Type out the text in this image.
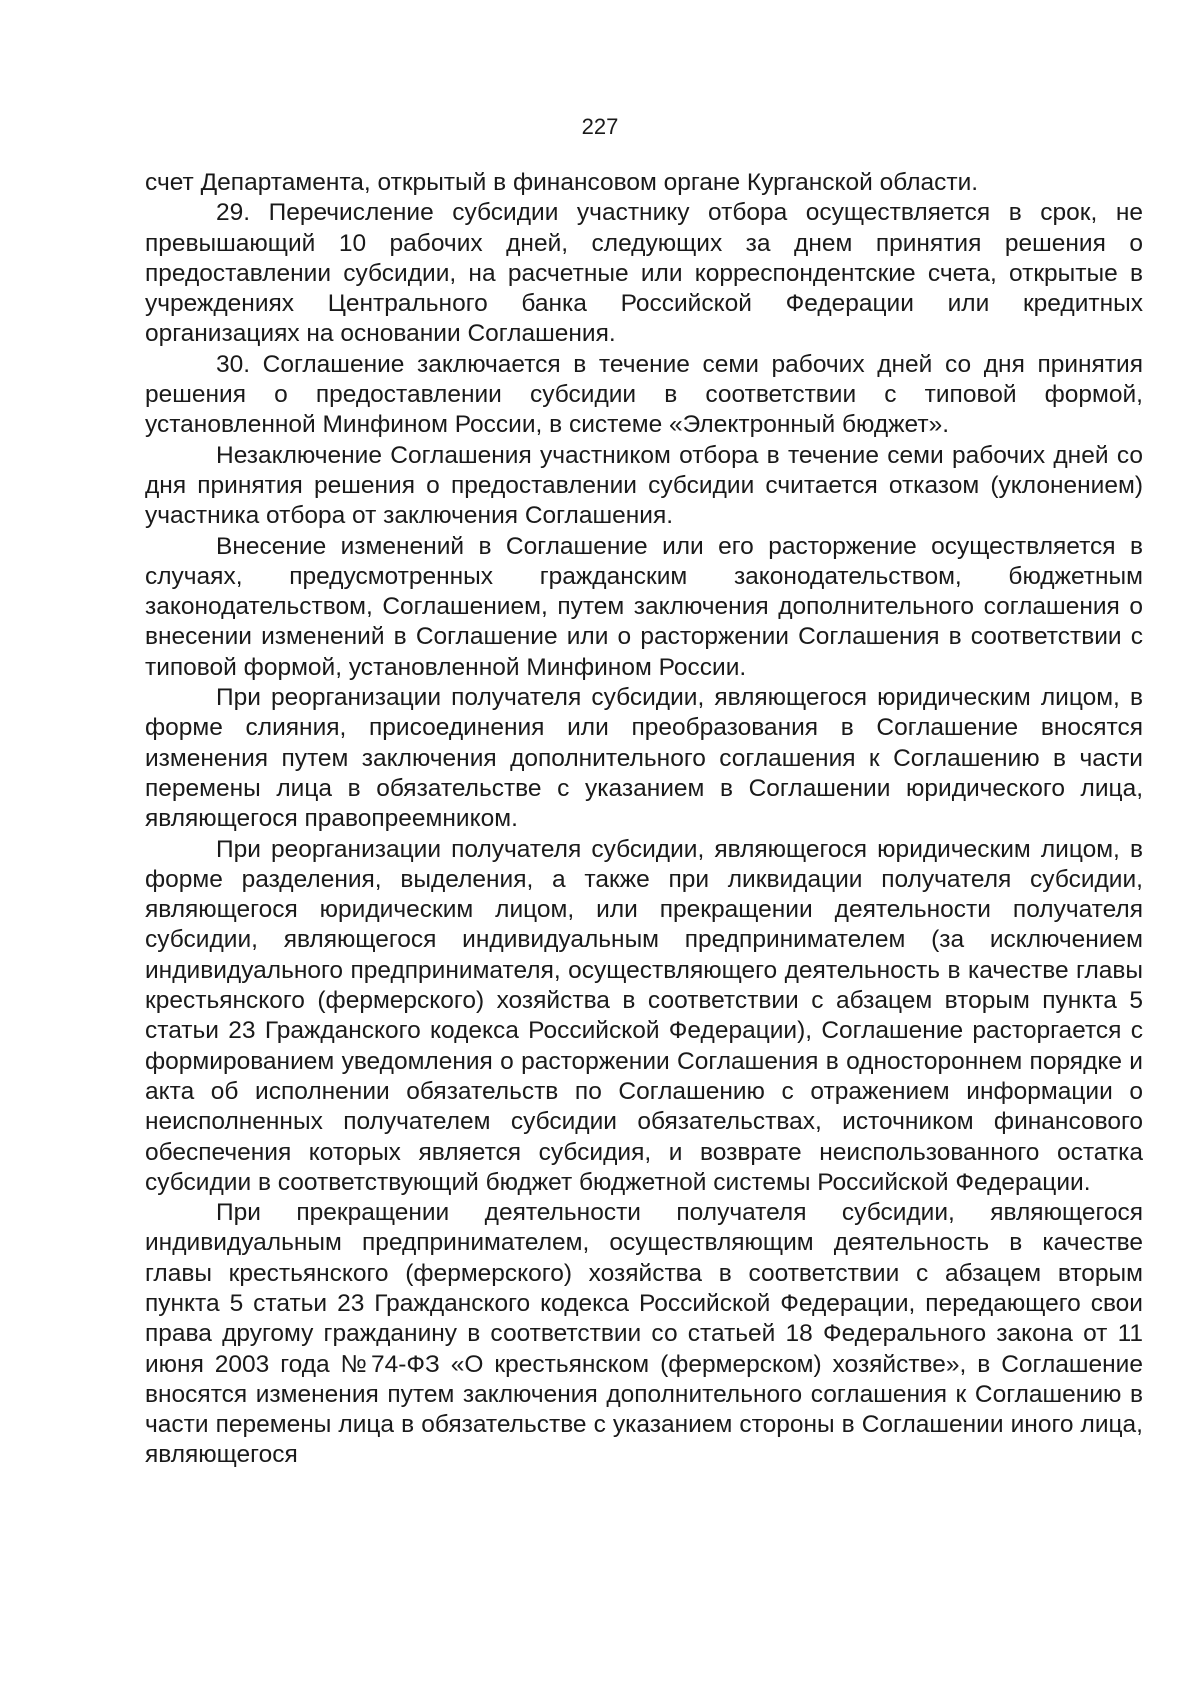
227

счет Департамента, открытый в финансовом органе Курганской области.

29. Перечисление субсидии участнику отбора осуществляется в срок, не превышающий 10 рабочих дней, следующих за днем принятия решения о предоставлении субсидии, на расчетные или корреспондентские счета, открытые в учреждениях Центрального банка Российской Федерации или кредитных организациях на основании Соглашения.

30. Соглашение заключается в течение семи рабочих дней со дня принятия решения о предоставлении субсидии в соответствии с типовой формой, установленной Минфином России, в системе «Электронный бюджет».

Незаключение Соглашения участником отбора в течение семи рабочих дней со дня принятия решения о предоставлении субсидии считается отказом (уклонением) участника отбора от заключения Соглашения.

Внесение изменений в Соглашение или его расторжение осуществляется в случаях, предусмотренных гражданским законодательством, бюджетным законодательством, Соглашением, путем заключения дополнительного соглашения о внесении изменений в Соглашение или о расторжении Соглашения в соответствии с типовой формой, установленной Минфином России.

При реорганизации получателя субсидии, являющегося юридическим лицом, в форме слияния, присоединения или преобразования в Соглашение вносятся изменения путем заключения дополнительного соглашения к Соглашению в части перемены лица в обязательстве с указанием в Соглашении юридического лица, являющегося правопреемником.

При реорганизации получателя субсидии, являющегося юридическим лицом, в форме разделения, выделения, а также при ликвидации получателя субсидии, являющегося юридическим лицом, или прекращении деятельности получателя субсидии, являющегося индивидуальным предпринимателем (за исключением индивидуального предпринимателя, осуществляющего деятельность в качестве главы крестьянского (фермерского) хозяйства в соответствии с абзацем вторым пункта 5 статьи 23 Гражданского кодекса Российской Федерации), Соглашение расторгается с формированием уведомления о расторжении Соглашения в одностороннем порядке и акта об исполнении обязательств по Соглашению с отражением информации о неисполненных получателем субсидии обязательствах, источником финансового обеспечения которых является субсидия, и возврате неиспользованного остатка субсидии в соответствующий бюджет бюджетной системы Российской Федерации.

При прекращении деятельности получателя субсидии, являющегося индивидуальным предпринимателем, осуществляющим деятельность в качестве главы крестьянского (фермерского) хозяйства в соответствии с абзацем вторым пункта 5 статьи 23 Гражданского кодекса Российской Федерации, передающего свои права другому гражданину в соответствии со статьей 18 Федерального закона от 11 июня 2003 года №74-ФЗ «О крестьянском (фермерском) хозяйстве», в Соглашение вносятся изменения путем заключения дополнительного соглашения к Соглашению в части перемены лица в обязательстве с указанием стороны в Соглашении иного лица, являющегося
